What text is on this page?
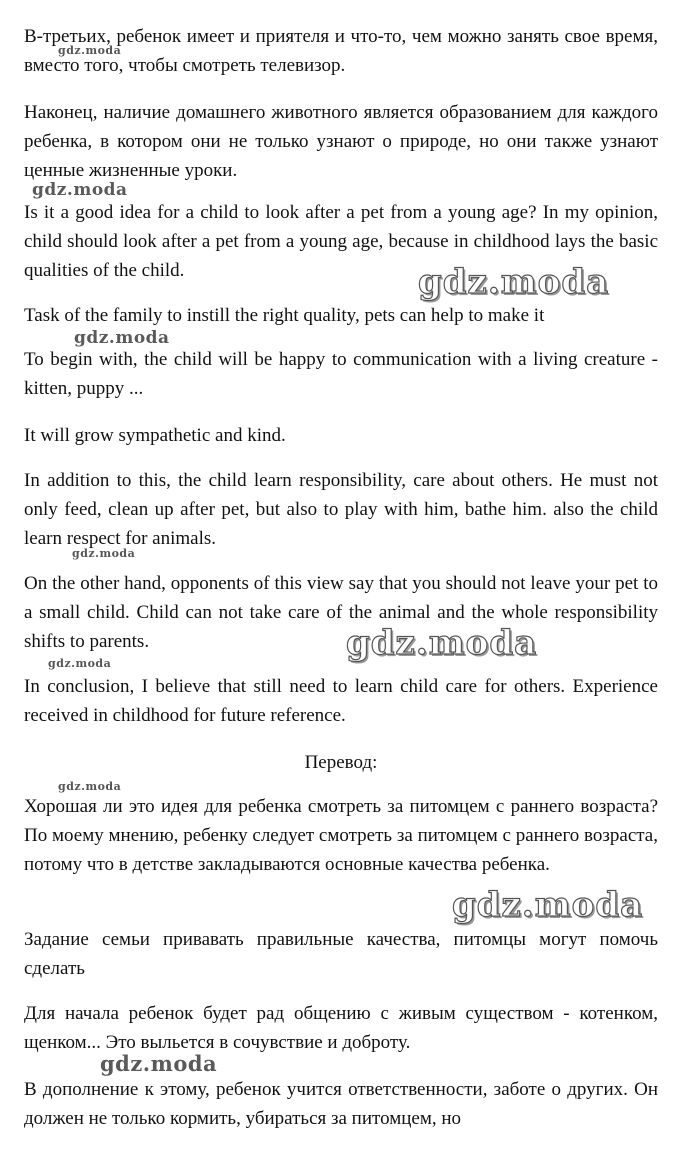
В-третьих, ребенок имеет и приятеля и что-то, чем можно занять свое время, вместо того, чтобы смотреть телевизор.

Наконец, наличие домашнего животного является образованием для каждого ребенка, в котором они не только узнают о природе, но они также узнают ценные жизненные уроки.

Is it a good idea for a child to look after a pet from a young age? In my opinion, child should look after a pet from a young age, because in childhood lays the basic qualities of the child.

Task of the family to instill the right quality, pets can help to make it

To begin with, the child will be happy to communication with a living creature - kitten, puppy ...

It will grow sympathetic and kind.

In addition to this, the child learn responsibility, care about others. He must not only feed, clean up after pet, but also to play with him, bathe him. also the child learn respect for animals.

On the other hand, opponents of this view say that you should not leave your pet to a small child. Child can not take care of the animal and the whole responsibility shifts to parents.

In conclusion, I believe that still need to learn child care for others. Experience received in childhood for future reference.

Перевод:

Хорошая ли это идея для ребенка смотреть за питомцем с раннего возраста? По моему мнению, ребенку следует смотреть за питомцем с раннего возраста, потому что в детстве закладываются основные качества ребенка.

Задание семьи привавать правильные качества, питомцы могут помочь сделать

Для начала ребенок будет рад общению с живым существом - котенком, щенком... Это выльется в сочувствие и доброту.

В дополнение к этому, ребенок учится ответственности, заботе о других. Он должен не только кормить, убираться за питомцем, но

gdz.moda
gdz.moda
gdz.moda
gdz.moda
gdz.moda
gdz.moda
gdz.moda
gdz.moda
gdz.moda
gdz.moda
